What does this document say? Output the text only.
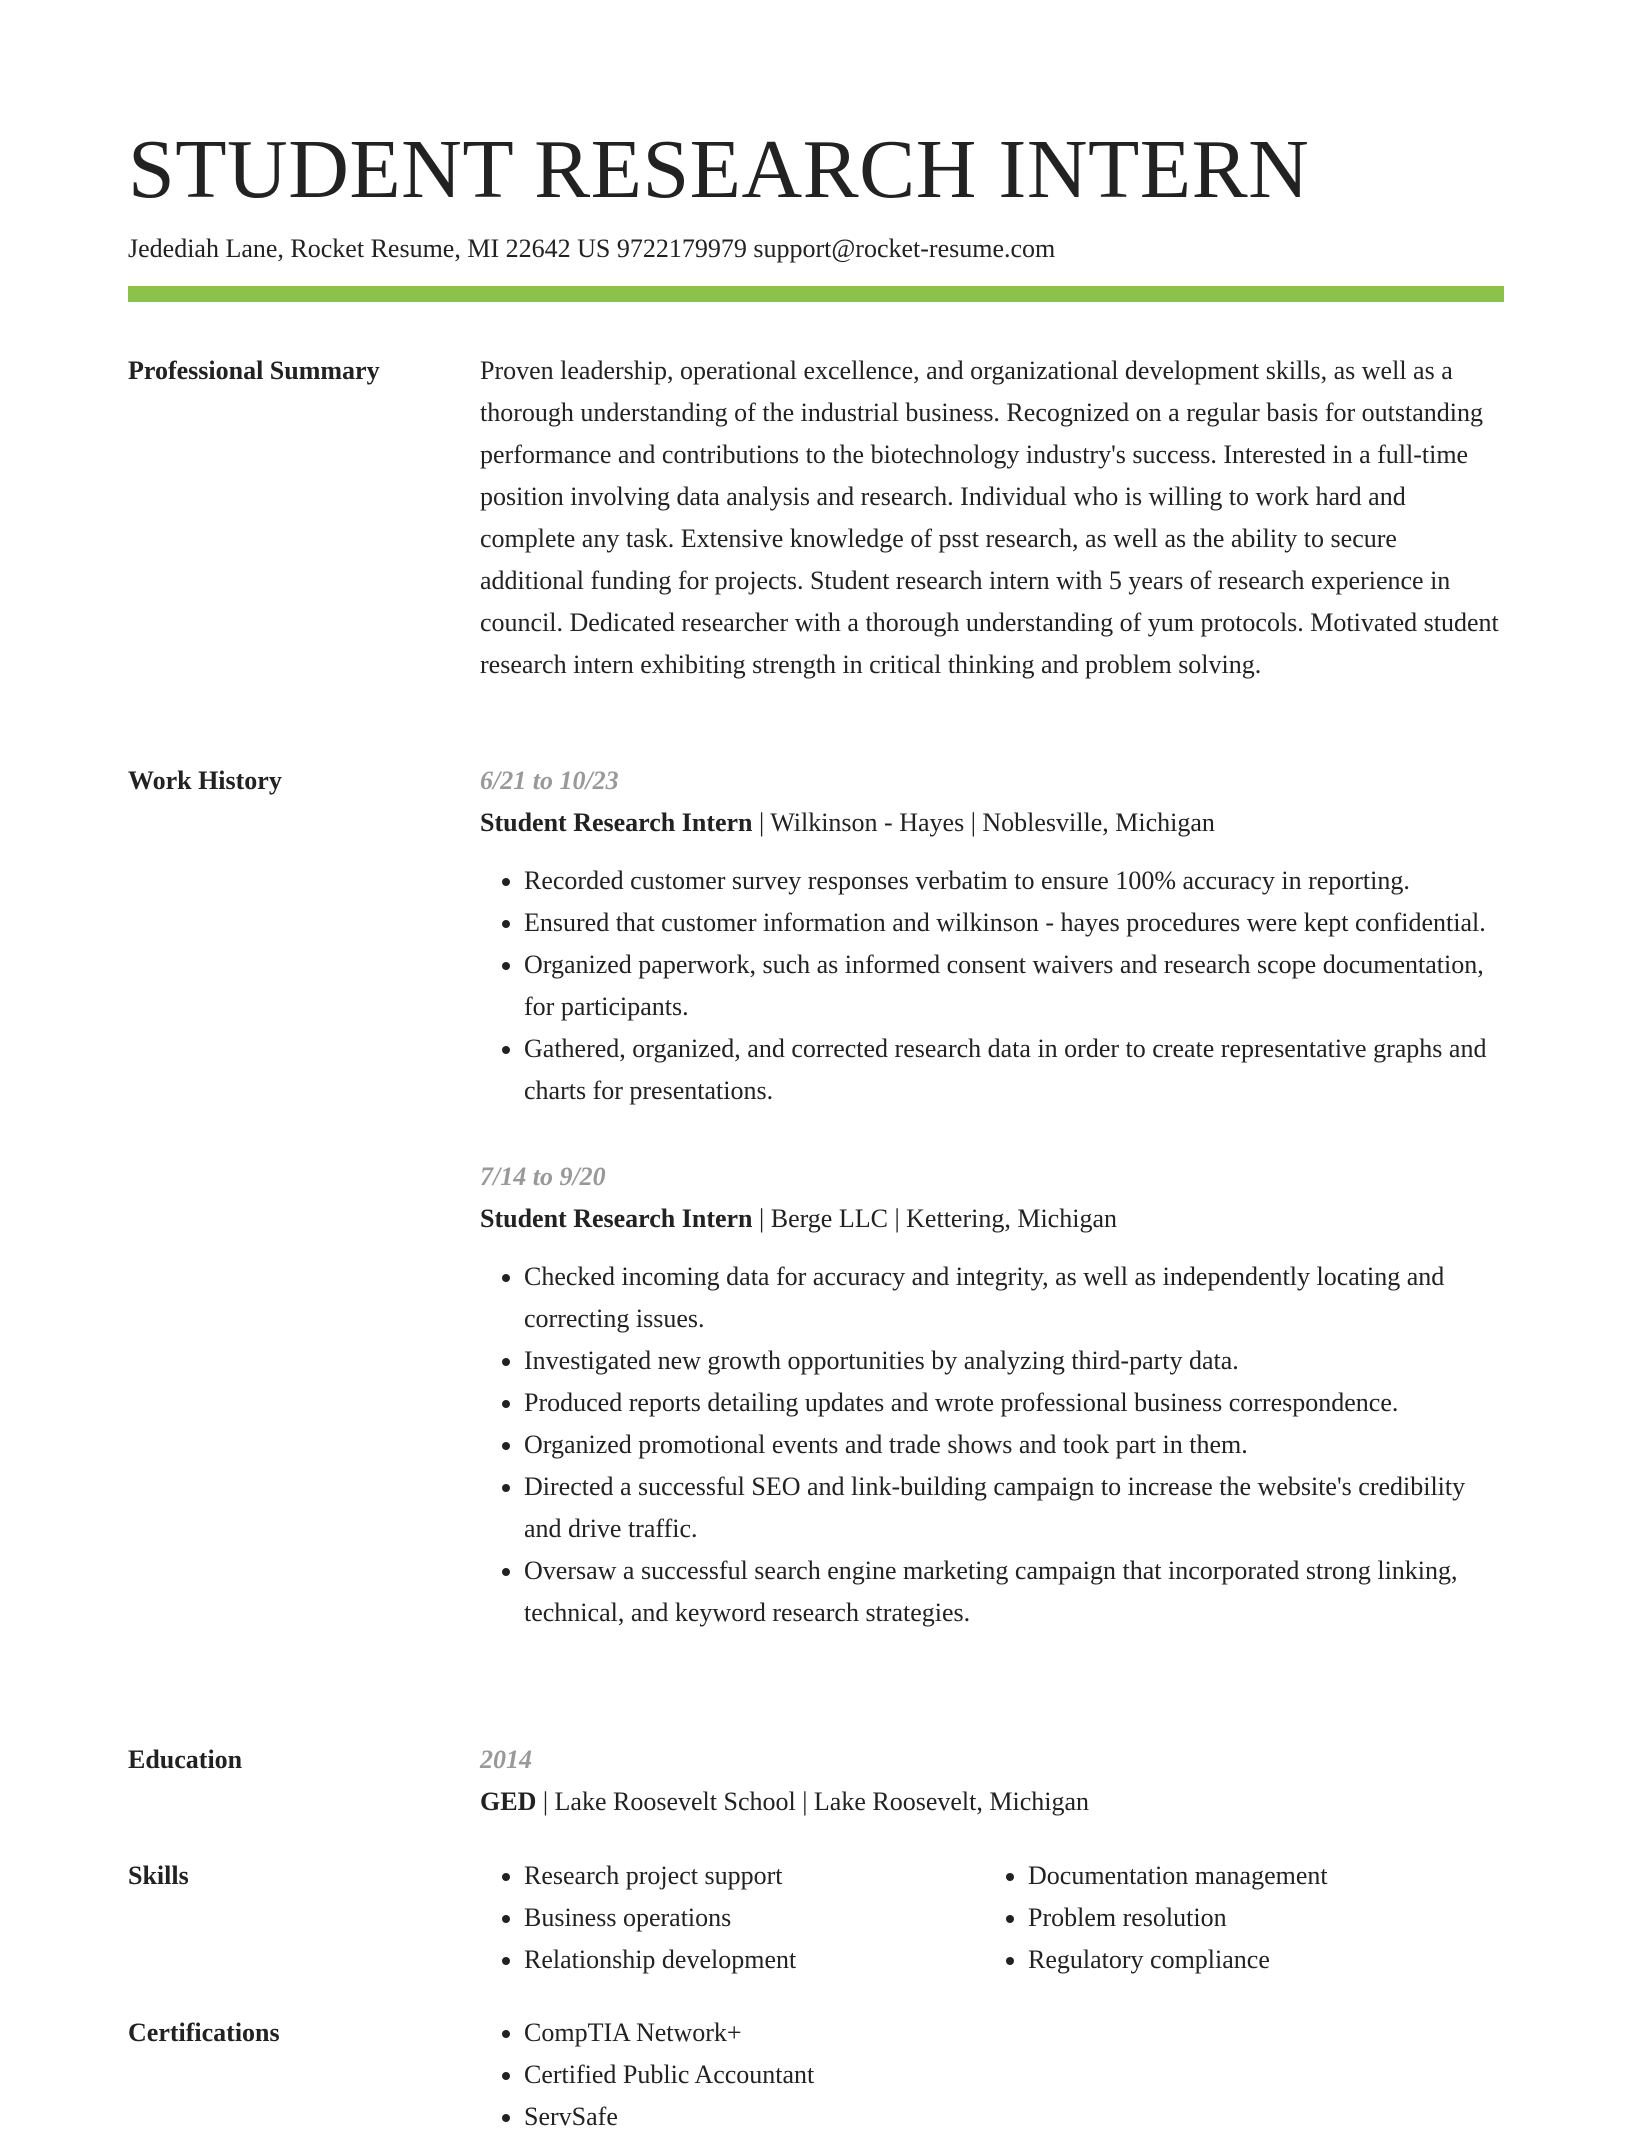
STUDENT RESEARCH INTERN
Jedediah Lane, Rocket Resume, MI 22642 US 9722179979 support@rocket-resume.com
Professional Summary	Proven leadership, operational excellence, and organizational development skills, as well as a thorough understanding of the industrial business. Recognized on a regular basis for outstanding performance and contributions to the biotechnology industry's success. Interested in a full-time position involving data analysis and research. Individual who is willing to work hard and complete any task. Extensive knowledge of psst research, as well as the ability to secure additional funding for projects. Student research intern with 5 years of research experience in council. Dedicated researcher with a thorough understanding of yum protocols. Motivated student research intern exhibiting strength in critical thinking and problem solving.

Work History	6/21 to 10/23
Student Research Intern | Wilkinson - Hayes | Noblesville, Michigan
• Recorded customer survey responses verbatim to ensure 100% accuracy in reporting.
• Ensured that customer information and wilkinson - hayes procedures were kept confidential.
• Organized paperwork, such as informed consent waivers and research scope documentation, for participants.
• Gathered, organized, and corrected research data in order to create representative graphs and charts for presentations.
7/14 to 9/20
Student Research Intern | Berge LLC | Kettering, Michigan
• Checked incoming data for accuracy and integrity, as well as independently locating and correcting issues.
• Investigated new growth opportunities by analyzing third-party data.
• Produced reports detailing updates and wrote professional business correspondence.
• Organized promotional events and trade shows and took part in them.
• Directed a successful SEO and link-building campaign to increase the website's credibility and drive traffic.
• Oversaw a successful search engine marketing campaign that incorporated strong linking, technical, and keyword research strategies.
Education	2014
GED | Lake Roosevelt School | Lake Roosevelt, Michigan
Skills	• Research project support
• Business operations
• Relationship development
• Documentation management
• Problem resolution
• Regulatory compliance
Certifications	• CompTIA Network+
• Certified Public Accountant
• ServSafe
